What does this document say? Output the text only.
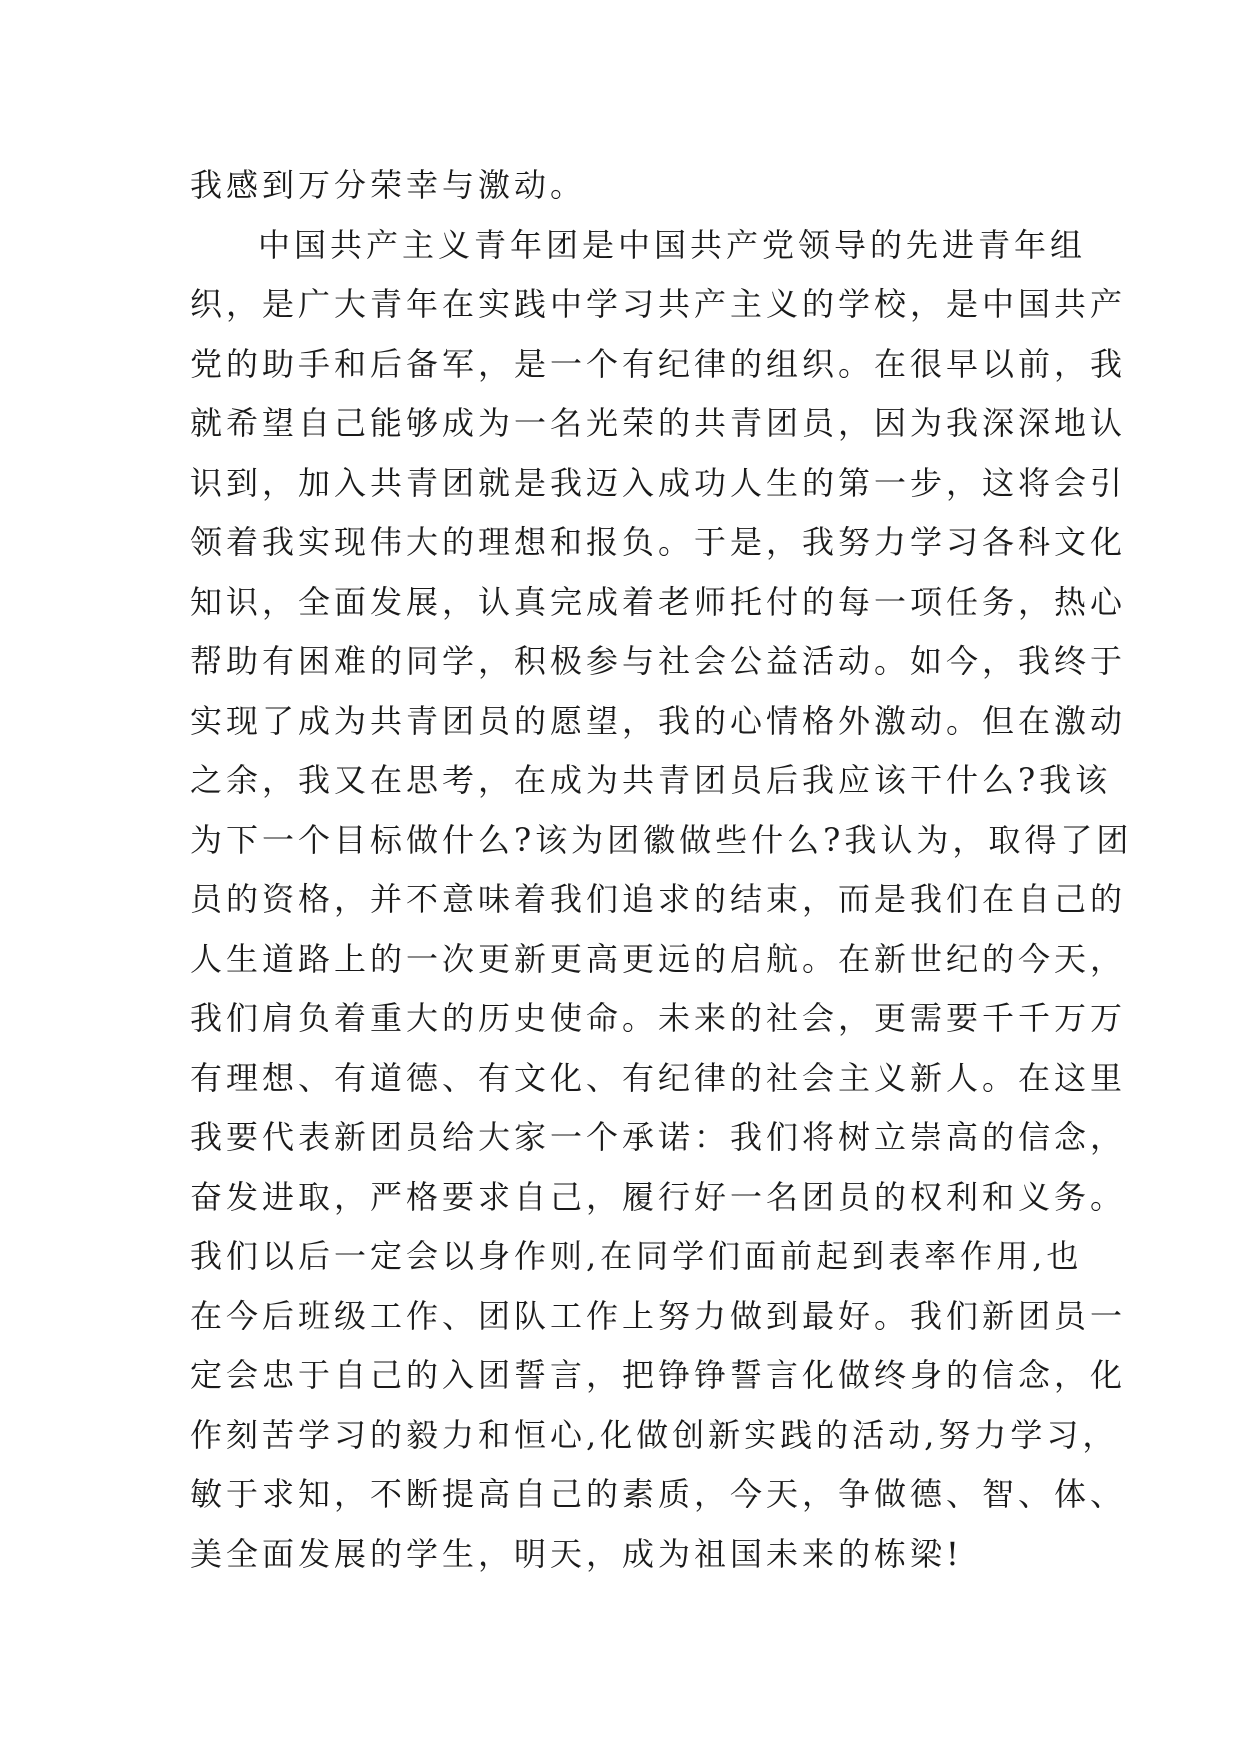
我感到万分荣幸与激动。
中国共产主义青年团是中国共产党领导的先进青年组
织，是广大青年在实践中学习共产主义的学校，是中国共产
党的助手和后备军，是一个有纪律的组织。在很早以前，我
就希望自己能够成为一名光荣的共青团员，因为我深深地认
识到，加入共青团就是我迈入成功人生的第一步，这将会引
领着我实现伟大的理想和报负。于是，我努力学习各科文化
知识，全面发展，认真完成着老师托付的每一项任务，热心
帮助有困难的同学，积极参与社会公益活动。如今，我终于
实现了成为共青团员的愿望，我的心情格外激动。但在激动
之余，我又在思考，在成为共青团员后我应该干什么?我该
为下一个目标做什么?该为团徽做些什么?我认为，取得了团
员的资格，并不意味着我们追求的结束，而是我们在自己的
人生道路上的一次更新更高更远的启航。在新世纪的今天，
我们肩负着重大的历史使命。未来的社会，更需要千千万万
有理想、有道德、有文化、有纪律的社会主义新人。在这里
我要代表新团员给大家一个承诺：我们将树立崇高的信念，
奋发进取，严格要求自己，履行好一名团员的权利和义务。
我们以后一定会以身作则,在同学们面前起到表率作用,也
在今后班级工作、团队工作上努力做到最好。我们新团员一
定会忠于自己的入团誓言，把铮铮誓言化做终身的信念，化
作刻苦学习的毅力和恒心,化做创新实践的活动,努力学习，
敏于求知，不断提高自己的素质，今天，争做德、智、体、
美全面发展的学生，明天，成为祖国未来的栋梁!
